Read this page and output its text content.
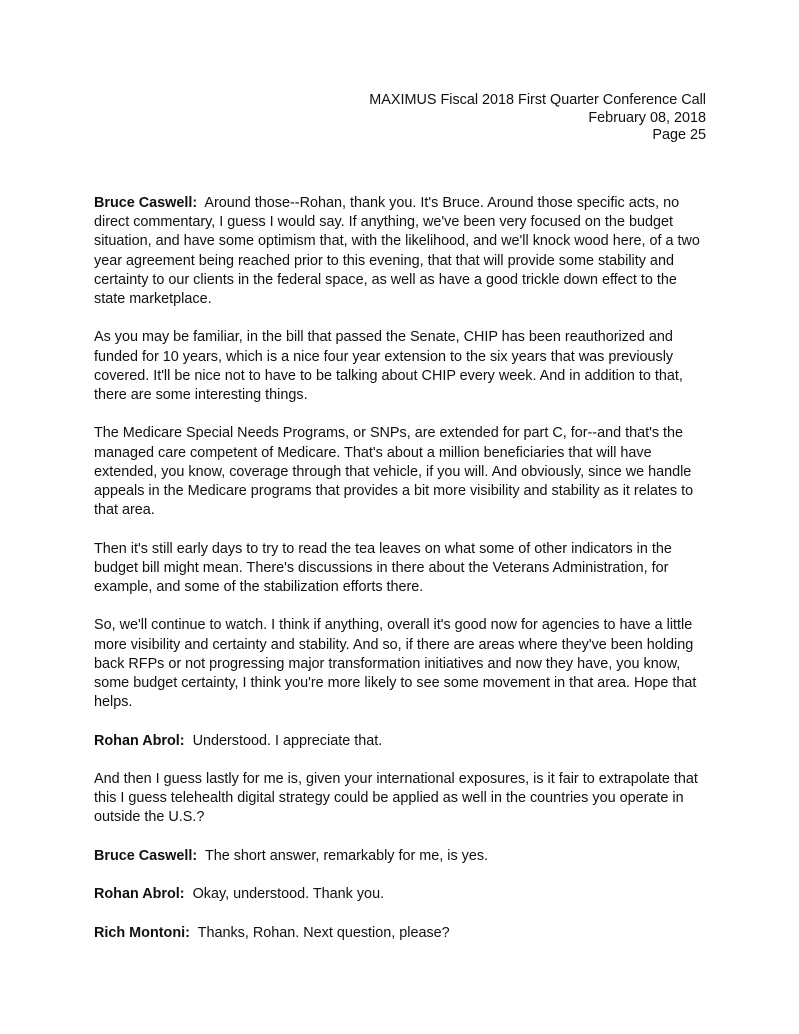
MAXIMUS Fiscal 2018 First Quarter Conference Call
February 08, 2018
Page 25

Bruce Caswell: Around those--Rohan, thank you. It's Bruce. Around those specific acts, no direct commentary, I guess I would say. If anything, we've been very focused on the budget situation, and have some optimism that, with the likelihood, and we'll knock wood here, of a two year agreement being reached prior to this evening, that that will provide some stability and certainty to our clients in the federal space, as well as have a good trickle down effect to the state marketplace.

As you may be familiar, in the bill that passed the Senate, CHIP has been reauthorized and funded for 10 years, which is a nice four year extension to the six years that was previously covered. It'll be nice not to have to be talking about CHIP every week. And in addition to that, there are some interesting things.

The Medicare Special Needs Programs, or SNPs, are extended for part C, for--and that's the managed care competent of Medicare. That's about a million beneficiaries that will have extended, you know, coverage through that vehicle, if you will. And obviously, since we handle appeals in the Medicare programs that provides a bit more visibility and stability as it relates to that area.

Then it's still early days to try to read the tea leaves on what some of other indicators in the budget bill might mean. There's discussions in there about the Veterans Administration, for example, and some of the stabilization efforts there.

So, we'll continue to watch. I think if anything, overall it's good now for agencies to have a little more visibility and certainty and stability. And so, if there are areas where they've been holding back RFPs or not progressing major transformation initiatives and now they have, you know, some budget certainty, I think you're more likely to see some movement in that area. Hope that helps.

Rohan Abrol: Understood. I appreciate that.

And then I guess lastly for me is, given your international exposures, is it fair to extrapolate that this I guess telehealth digital strategy could be applied as well in the countries you operate in outside the U.S.?

Bruce Caswell: The short answer, remarkably for me, is yes.

Rohan Abrol: Okay, understood. Thank you.

Rich Montoni: Thanks, Rohan. Next question, please?
